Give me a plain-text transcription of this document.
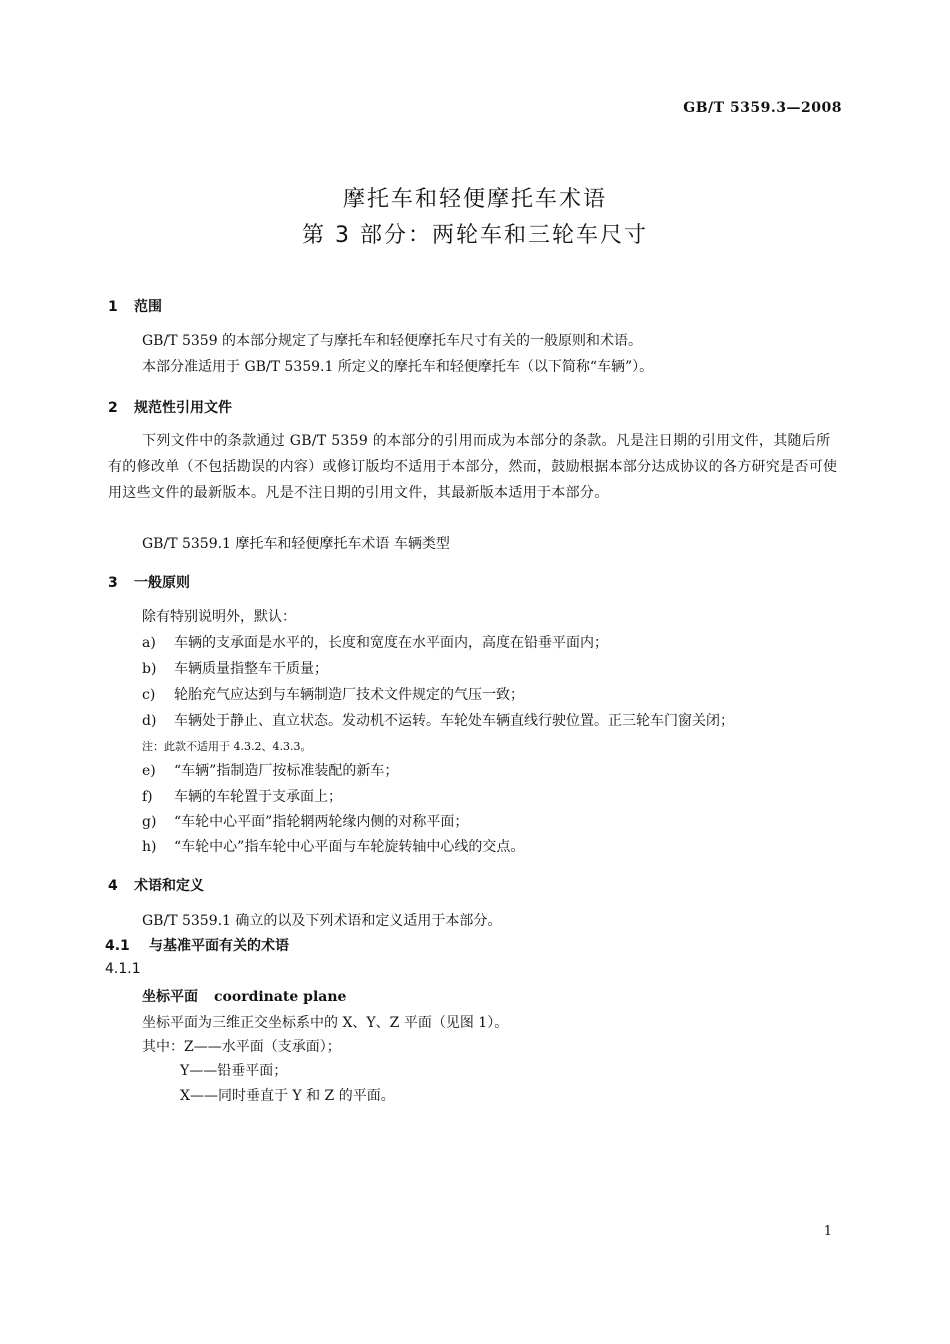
GB/T 5359.3—2008
摩托车和轻便摩托车术语
第 3 部分：两轮车和三轮车尺寸
1 范围
GB/T 5359 的本部分规定了与摩托车和轻便摩托车尺寸有关的一般原则和术语。
本部分准适用于 GB/T 5359.1 所定义的摩托车和轻便摩托车（以下简称“车辆”）。
2 规范性引用文件
下列文件中的条款通过 GB/T 5359 的本部分的引用而成为本部分的条款。凡是注日期的引用文件，其随后所有的修改单（不包括勘误的内容）或修订版均不适用于本部分，然而，鼓励根据本部分达成协议的各方研究是否可使用这些文件的最新版本。凡是不注日期的引用文件，其最新版本适用于本部分。
GB/T 5359.1 摩托车和轻便摩托车术语 车辆类型
3 一般原则
除有特别说明外，默认：
a) 车辆的支承面是水平的，长度和宽度在水平面内，高度在铅垂平面内；
b) 车辆质量指整车干质量；
c) 轮胎充气应达到与车辆制造厂技术文件规定的气压一致；
d) 车辆处于静止、直立状态。发动机不运转。车轮处车辆直线行驶位置。正三轮车门窗关闭；
注：此款不适用于 4.3.2、4.3.3。
e) “车辆”指制造厂按标准装配的新车；
f) 车辆的车轮置于支承面上；
g) “车轮中心平面”指轮辋两轮缘内侧的对称平面；
h) “车轮中心”指车轮中心平面与车轮旋转轴中心线的交点。
4 术语和定义
GB/T 5359.1 确立的以及下列术语和定义适用于本部分。
4.1 与基准平面有关的术语
4.1.1
坐标平面 coordinate plane
坐标平面为三维正交坐标系中的 X、Y、Z 平面（见图 1）。
其中：Z——水平面（支承面）；
Y——铅垂平面；
X——同时垂直于 Y 和 Z 的平面。
1
